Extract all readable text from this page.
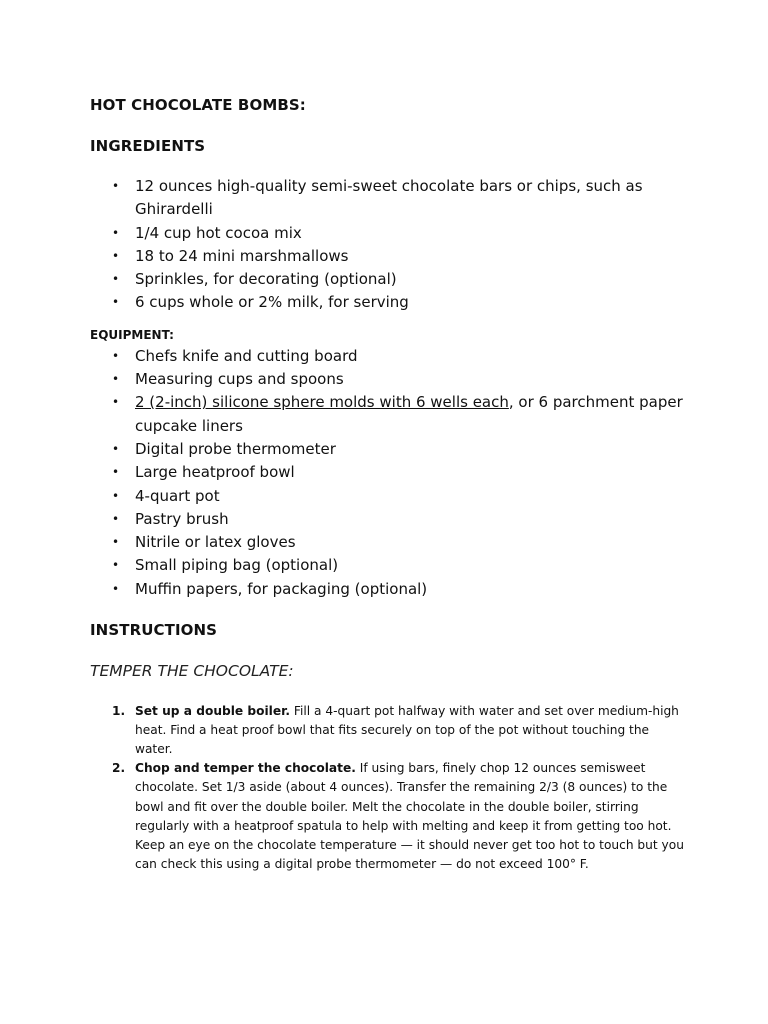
HOT CHOCOLATE BOMBS:
INGREDIENTS
• 12 ounces high-quality semi-sweet chocolate bars or chips, such as Ghirardelli
• 1/4 cup hot cocoa mix
• 18 to 24 mini marshmallows
• Sprinkles, for decorating (optional)
• 6 cups whole or 2% milk, for serving
EQUIPMENT:
• Chefs knife and cutting board
• Measuring cups and spoons
• 2 (2-inch) silicone sphere molds with 6 wells each, or 6 parchment paper cupcake liners
• Digital probe thermometer
• Large heatproof bowl
• 4-quart pot
• Pastry brush
• Nitrile or latex gloves
• Small piping bag (optional)
• Muffin papers, for packaging (optional)
INSTRUCTIONS

TEMPER THE CHOCOLATE:

1. Set up a double boiler. Fill a 4-quart pot halfway with water and set over medium-high heat. Find a heat proof bowl that fits securely on top of the pot without touching the water.
2. Chop and temper the chocolate. If using bars, finely chop 12 ounces semisweet chocolate. Set 1/3 aside (about 4 ounces). Transfer the remaining 2/3 (8 ounces) to the bowl and fit over the double boiler. Melt the chocolate in the double boiler, stirring regularly with a heatproof spatula to help with melting and keep it from getting too hot. Keep an eye on the chocolate temperature — it should never get too hot to touch but you can check this using a digital probe thermometer — do not exceed 100° F.
